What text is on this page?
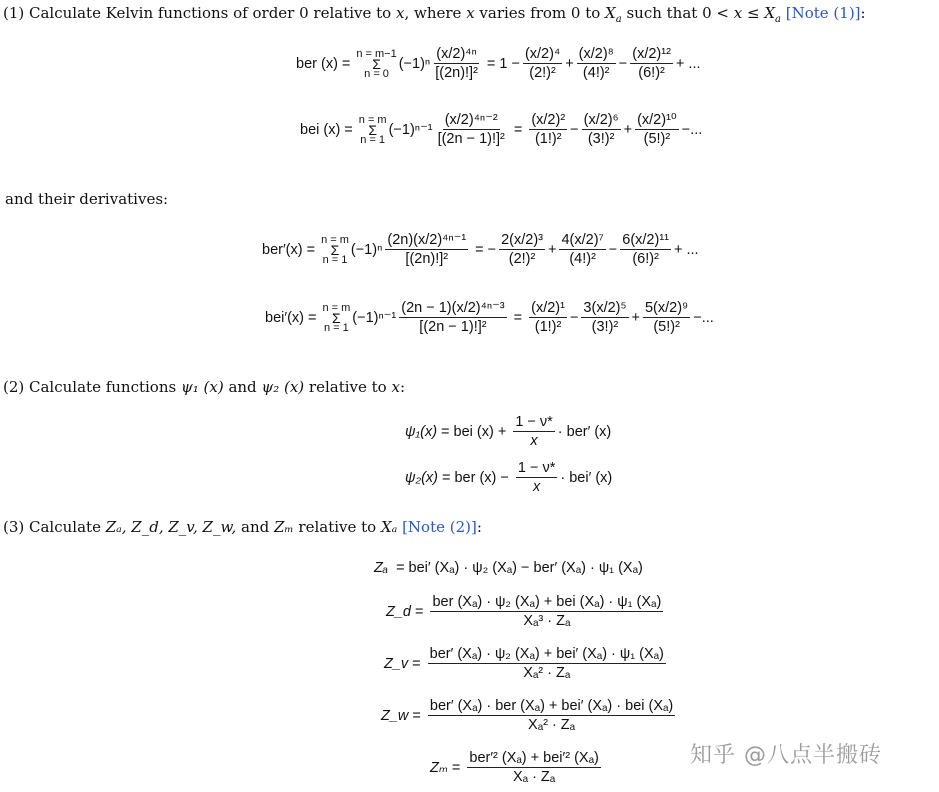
(1) Calculate Kelvin functions of order 0 relative to x, where x varies from 0 to $X_a$ such that $0 < x \le X_a$ [Note (1)]:
ber (x) =
n = m−1
Σ
n = 0
$(-1)^n \frac{\text{(x/2)⁴ⁿ}}{\text{[(2n)!]²}} = 1 - \frac{\text{(x/2)⁴}}{\text{(2!)²}} + \frac{\text{(x/2)⁸}}{\text{(4!)²}} - \frac{\text{(x/2)¹²}}{\text{(6!)²}}$ + ...
bei (x) =
n = m
Σ
n = 1
$(-1)^{n-1} \frac{\text{(x/2)⁴ⁿ⁻²}}{\text{[(2n − 1)!]²}} = \frac{\text{(x/2)²}}{\text{(1!)²}} - \frac{\text{(x/2)⁶}}{\text{(3!)²}} + \frac{\text{(x/2)¹⁰}}{\text{(5!)²}}$ −...
and their derivatives:
ber′(x) =
n = m
Σ
n = 1
$(-1)^n \frac{\text{(2n)(x/2)⁴ⁿ⁻¹}}{\text{[(2n)!]²}}$ = − $\frac{\text{2(x/2)³}}{\text{(2!)²}} + \frac{\text{4(x/2)⁷}}{\text{(4!)²}} - \frac{\text{6(x/2)¹¹}}{\text{(6!)²}}$ + ...
bei′(x) =
n = m
Σ
n = 1
$(-1)^{n-1} \frac{\text{(2n − 1)(x/2)⁴ⁿ⁻³}}{\text{[(2n − 1)!]²}} = \frac{\text{(x/2)¹}}{\text{(1!)²}} - \frac{\text{3(x/2)⁵}}{\text{(3!)²}} + \frac{\text{5(x/2)⁹}}{\text{(5!)²}}$ −...
(2) Calculate functions ψ₁ (x) and ψ₂ (x) relative to x:
ψ₁(x) = bei $(x) + \frac{1 - \nu*}{x} \cdot ber'$ (x)
ψ₂(x) = ber $(x) - \frac{1 - \nu*}{x} \cdot bei'$ (x)
(3) Calculate Zₐ, Z_d, Z_v, Z_w, and Zₘ relative to Xₐ [Note (2)]:
Zₐ = bei′ (Xₐ) · ψ₂ (Xₐ) − ber′ (Xₐ) · ψ₁ (Xₐ)
Z_d = $\frac{\text{ber (Xₐ) · ψ₂ (Xₐ) + bei (Xₐ) · ψ₁ (Xₐ)}}{\text{Xₐ³ · Zₐ}}$
Z_v = $\frac{\text{ber′ (Xₐ) · ψ₂ (Xₐ) + bei′ (Xₐ) · ψ₁ (Xₐ)}}{\text{Xₐ² · Zₐ}}$
Z_w = $\frac{\text{ber′ (Xₐ) · ber (Xₐ) + bei′ (Xₐ) · bei (Xₐ)}}{\text{Xₐ² · Zₐ}}$
$Z_m = \frac{\text{ber′² (Xₐ) + bei′² (Xₐ)}}{\text{Xₐ · Zₐ}}$	知乎 @八点半搬砖
